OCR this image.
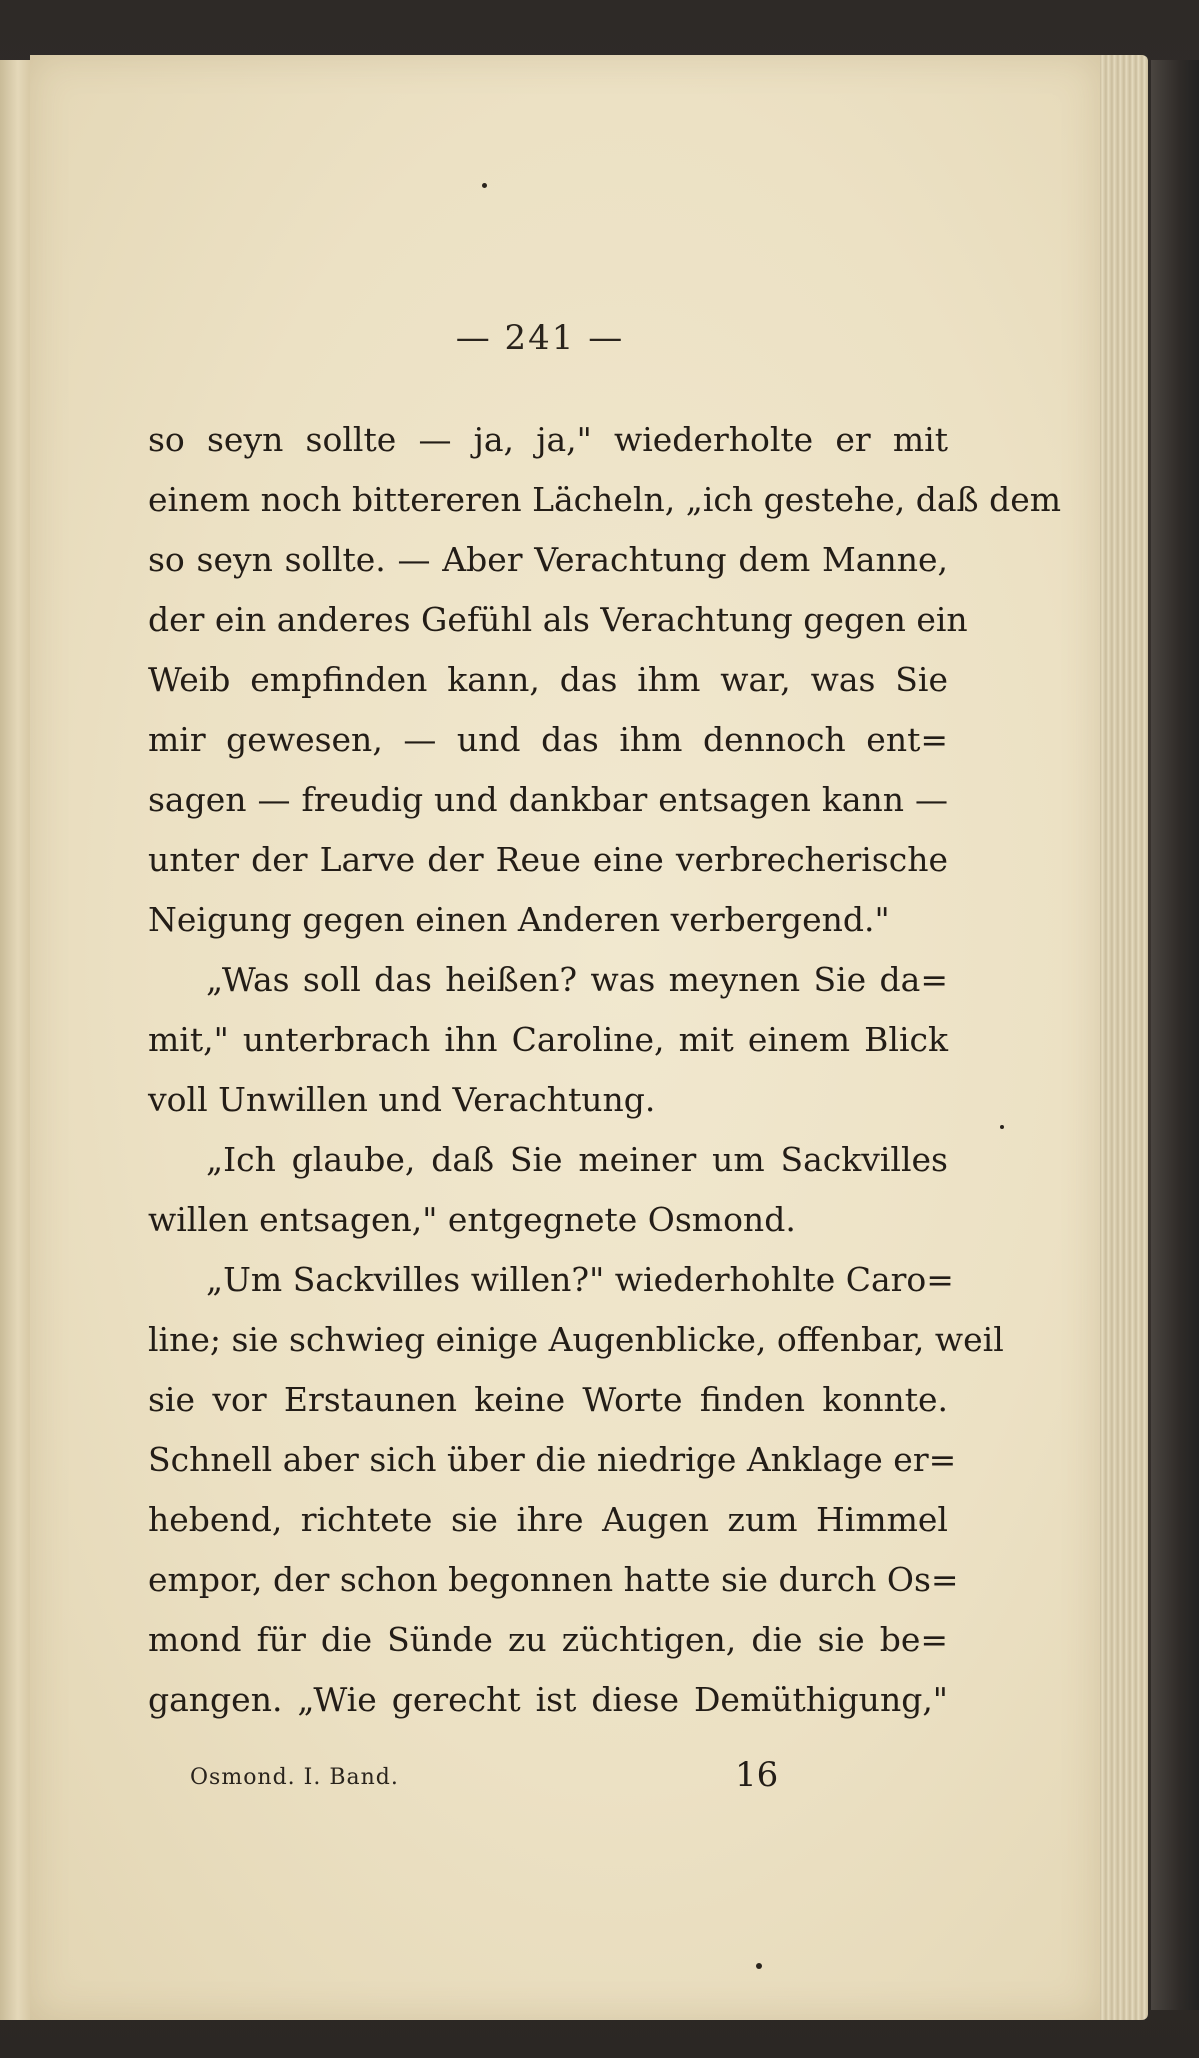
— 241 —
so seyn sollte — ja, ja," wiederholte er mit
einem noch bittereren Lächeln, „ich gestehe, daß dem
so seyn sollte. — Aber Verachtung dem Manne,
der ein anderes Gefühl als Verachtung gegen ein
Weib empfinden kann, das ihm war, was Sie
mir gewesen, — und das ihm dennoch ent=
sagen — freudig und dankbar entsagen kann —
unter der Larve der Reue eine verbrecherische
Neigung gegen einen Anderen verbergend."
„Was soll das heißen? was meynen Sie da=
mit," unterbrach ihn Caroline, mit einem Blick
voll Unwillen und Verachtung.
„Ich glaube, daß Sie meiner um Sackvilles
willen entsagen," entgegnete Osmond.
„Um Sackvilles willen?" wiederhohlte Caro=
line; sie schwieg einige Augenblicke, offenbar, weil
sie vor Erstaunen keine Worte finden konnte.
Schnell aber sich über die niedrige Anklage er=
hebend, richtete sie ihre Augen zum Himmel
empor, der schon begonnen hatte sie durch Os=
mond für die Sünde zu züchtigen, die sie be=
gangen. „Wie gerecht ist diese Demüthigung,"
Osmond. I. Band.	16
